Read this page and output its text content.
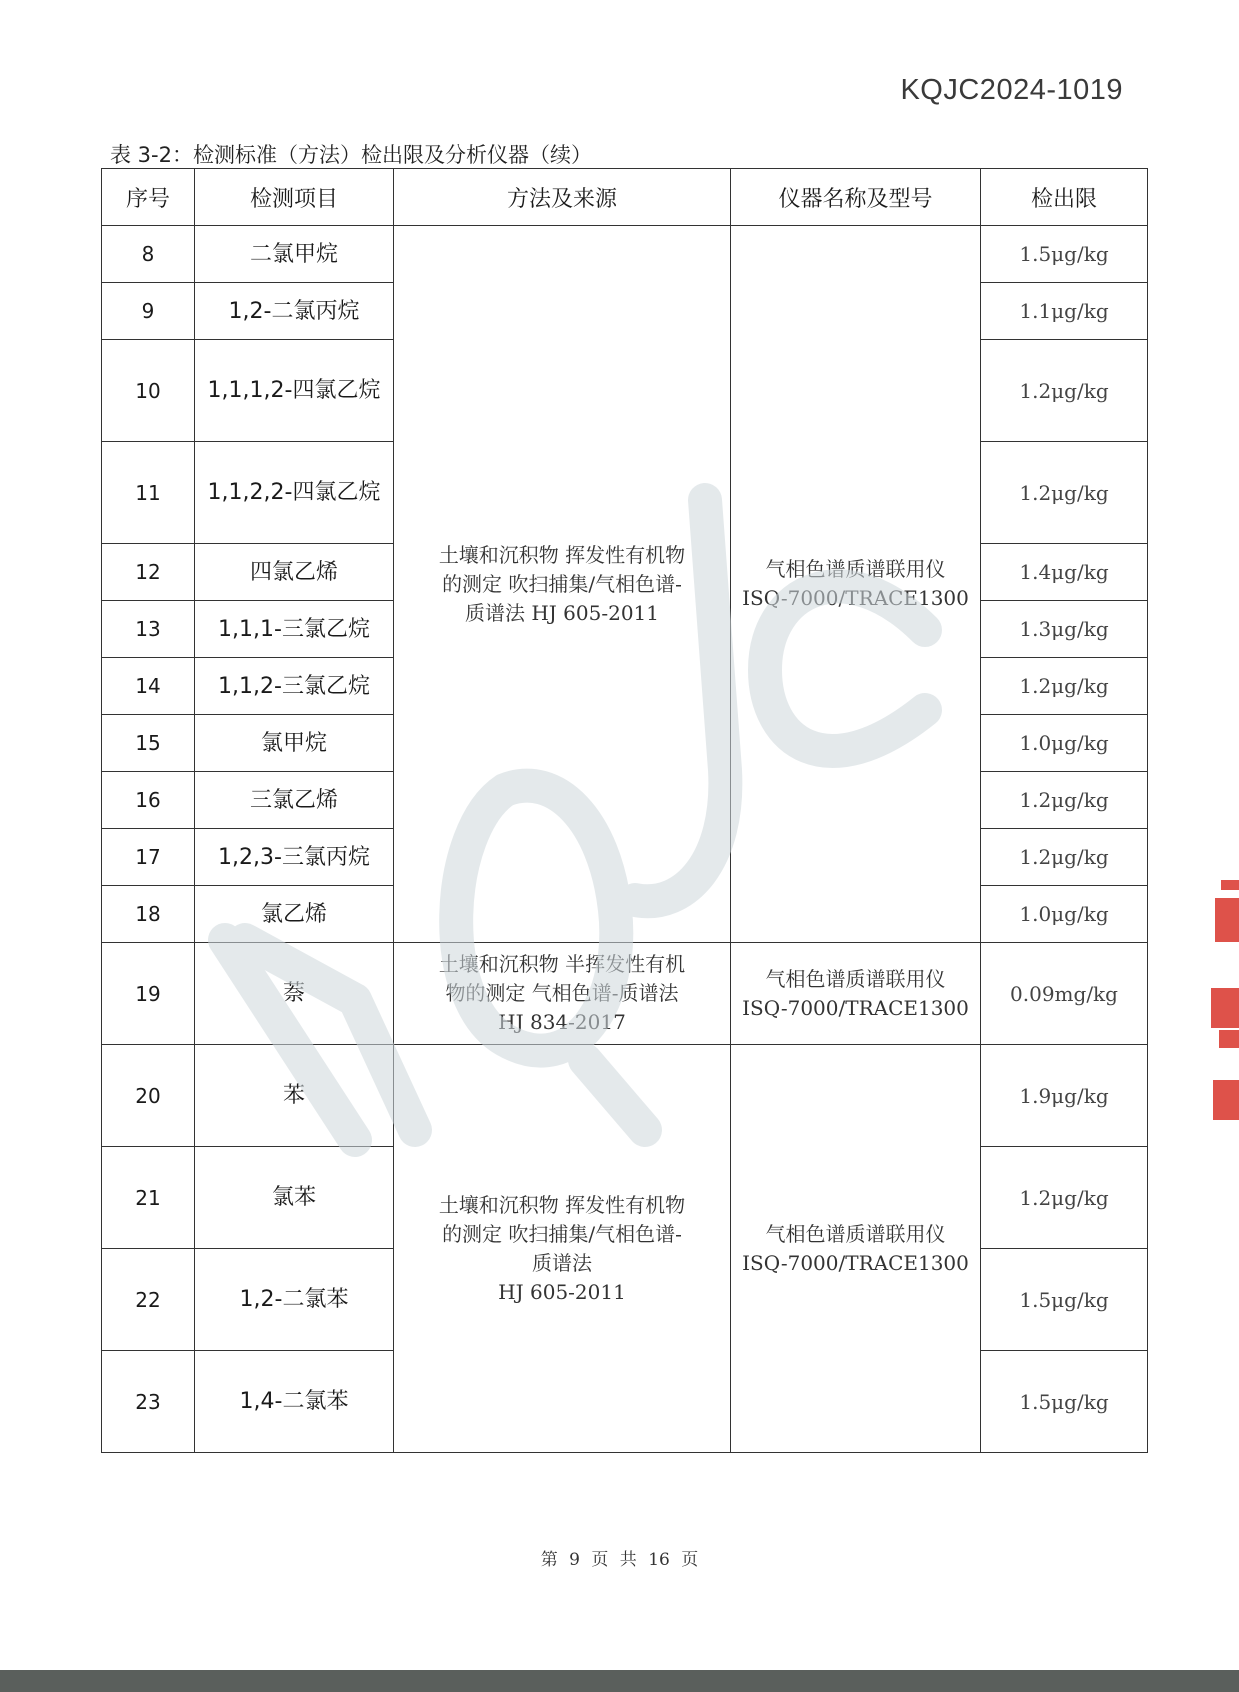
KQJC2024-1019
表 3-2：检测标准（方法）检出限及分析仪器（续）
序号	检测项目	方法及来源	仪器名称及型号	检出限
8	二氯甲烷	土壤和沉积物 挥发性有机物
的测定 吹扫捕集/气相色谱-
质谱法 HJ 605-2011	气相色谱质谱联用仪
ISQ-7000/TRACE1300	1.5μg/kg
9	1,2-二氯丙烷			1.1μg/kg
10	1,1,1,2-四氯乙烷			1.2μg/kg
11	1,1,2,2-四氯乙烷			1.2μg/kg
12	四氯乙烯			1.4μg/kg
13	1,1,1-三氯乙烷			1.3μg/kg
14	1,1,2-三氯乙烷			1.2μg/kg
15	氯甲烷			1.0μg/kg
16	三氯乙烯			1.2μg/kg
17	1,2,3-三氯丙烷			1.2μg/kg
18	氯乙烯			1.0μg/kg
19	萘	土壤和沉积物 半挥发性有机
物的测定 气相色谱-质谱法
HJ 834-2017	气相色谱质谱联用仪
ISQ-7000/TRACE1300	0.09mg/kg
20	苯	土壤和沉积物 挥发性有机物
的测定 吹扫捕集/气相色谱-
质谱法
HJ 605-2011	气相色谱质谱联用仪
ISQ-7000/TRACE1300	1.9μg/kg
21	氯苯			1.2μg/kg
22	1,2-二氯苯			1.5μg/kg
23	1,4-二氯苯			1.5μg/kg
第 9 页 共 16 页
